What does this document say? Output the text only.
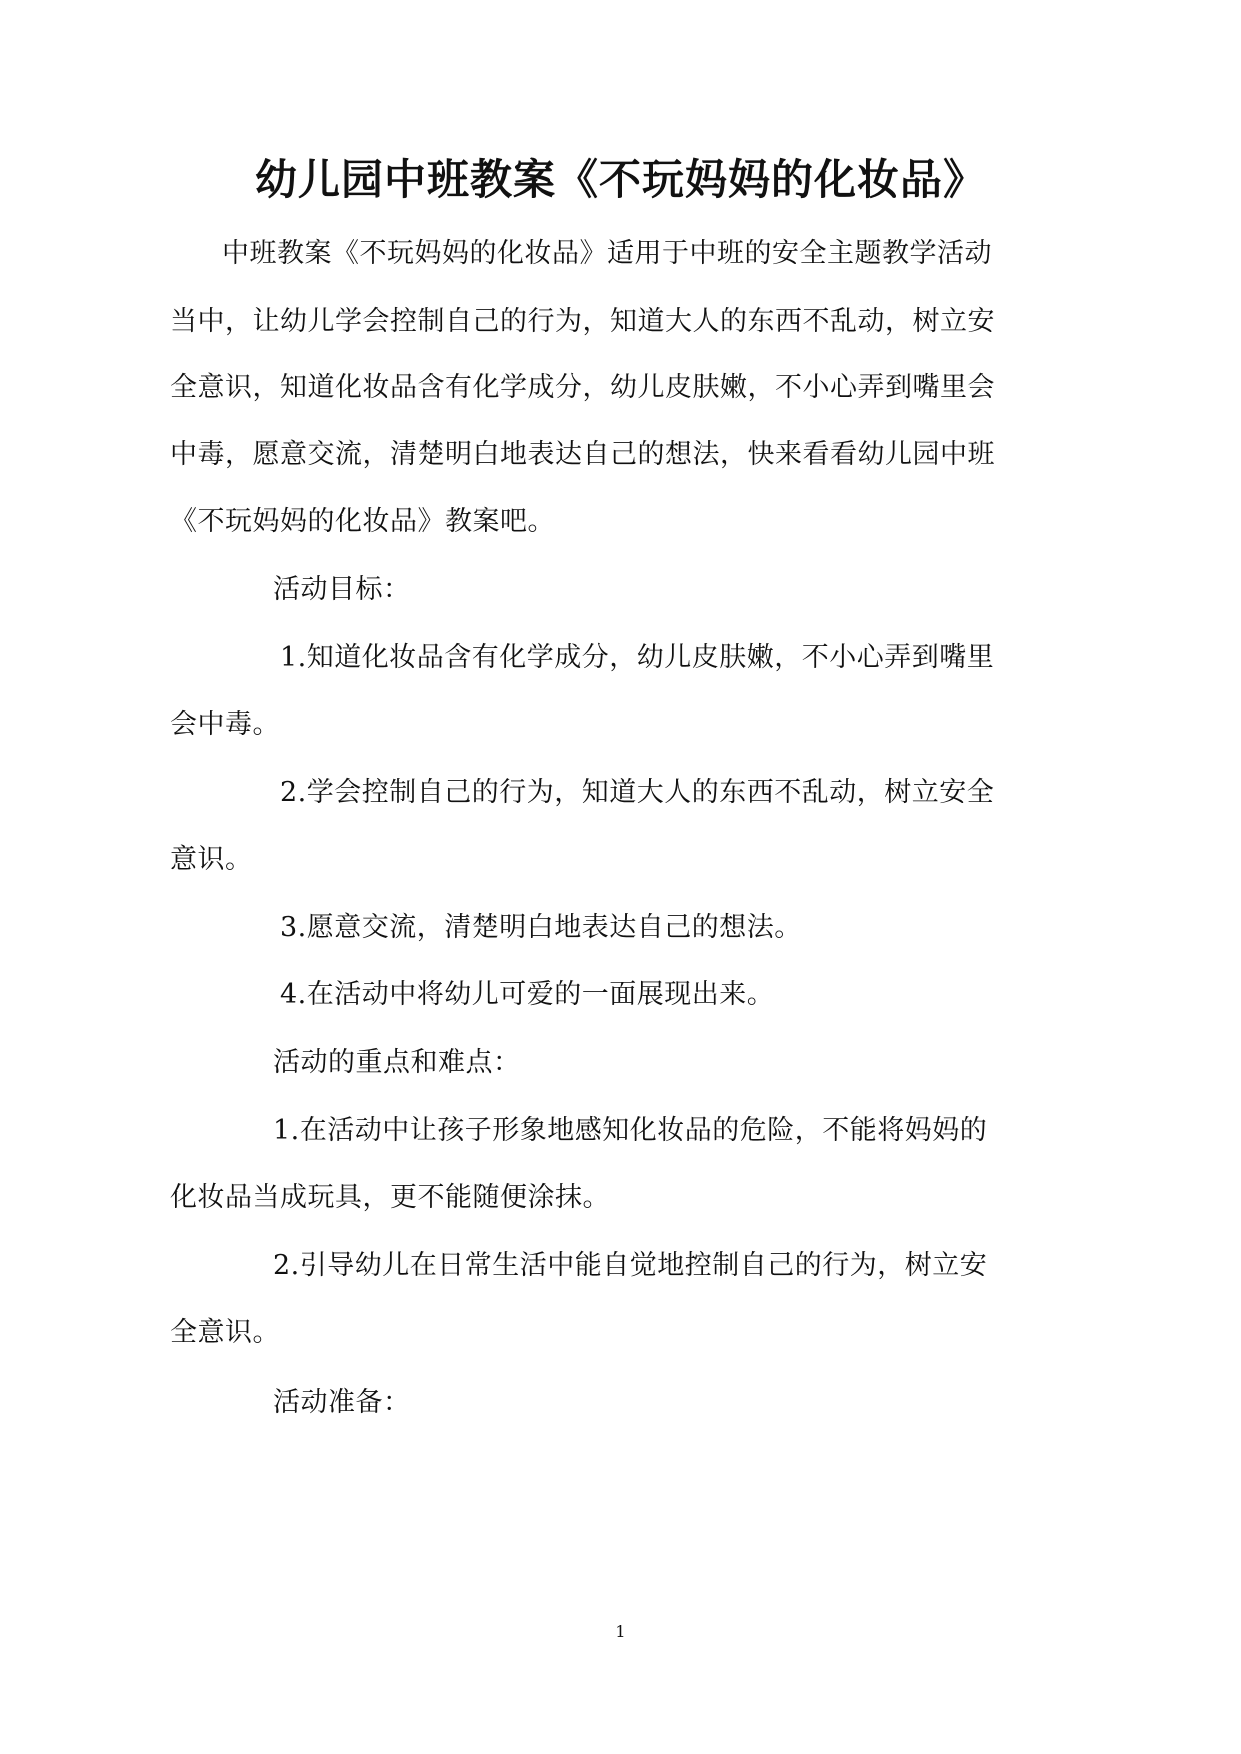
幼儿园中班教案《不玩妈妈的化妆品》
中班教案《不玩妈妈的化妆品》适用于中班的安全主题教学活动
当中，让幼儿学会控制自己的行为，知道大人的东西不乱动，树立安
全意识，知道化妆品含有化学成分，幼儿皮肤嫩，不小心弄到嘴里会
中毒，愿意交流，清楚明白地表达自己的想法，快来看看幼儿园中班
《不玩妈妈的化妆品》教案吧。
活动目标：
1.知道化妆品含有化学成分，幼儿皮肤嫩，不小心弄到嘴里
会中毒。
2.学会控制自己的行为，知道大人的东西不乱动，树立安全
意识。
3.愿意交流，清楚明白地表达自己的想法。
4.在活动中将幼儿可爱的一面展现出来。
活动的重点和难点：
1.在活动中让孩子形象地感知化妆品的危险，不能将妈妈的
化妆品当成玩具，更不能随便涂抹。
2.引导幼儿在日常生活中能自觉地控制自己的行为，树立安
全意识。
活动准备：
1
